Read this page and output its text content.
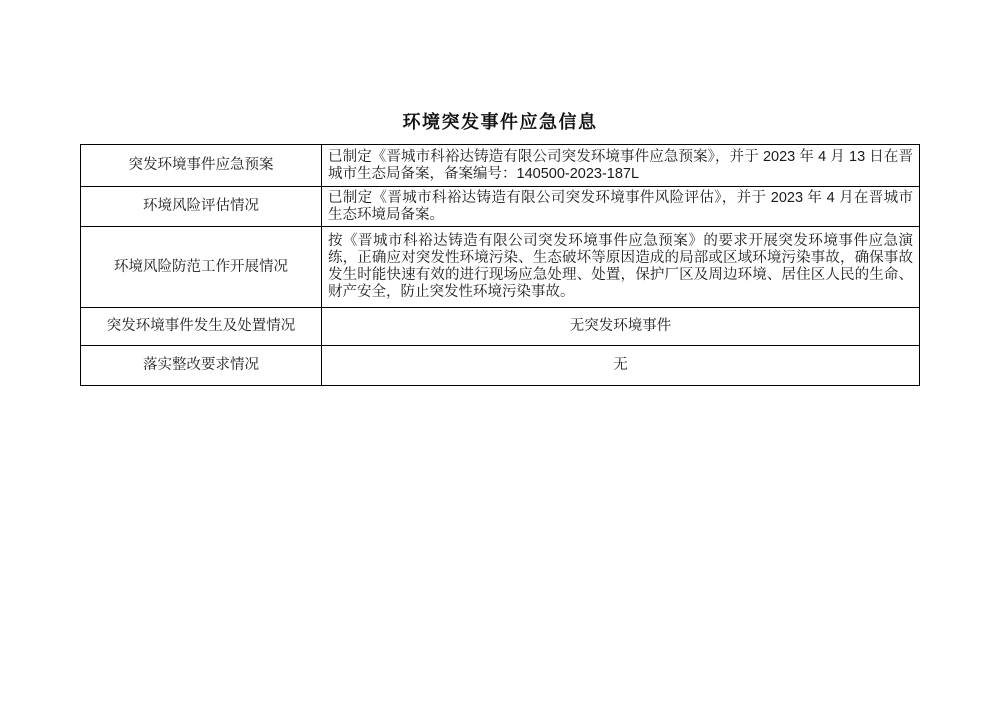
环境突发事件应急信息
突发环境事件应急预案	已制定《晋城市科裕达铸造有限公司突发环境事件应急预案》，并于 2023 年 4 月 13 日在晋城市生态局备案，备案编号：140500-2023-187L
环境风险评估情况	已制定《晋城市科裕达铸造有限公司突发环境事件风险评估》，并于 2023 年 4 月在晋城市生态环境局备案。
环境风险防范工作开展情况	按《晋城市科裕达铸造有限公司突发环境事件应急预案》的要求开展突发环境事件应急演练，正确应对突发性环境污染、生态破坏等原因造成的局部或区域环境污染事故，确保事故发生时能快速有效的进行现场应急处理、处置，保护厂区及周边环境、居住区人民的生命、财产安全，防止突发性环境污染事故。
突发环境事件发生及处置情况	无突发环境事件
落实整改要求情况	无
